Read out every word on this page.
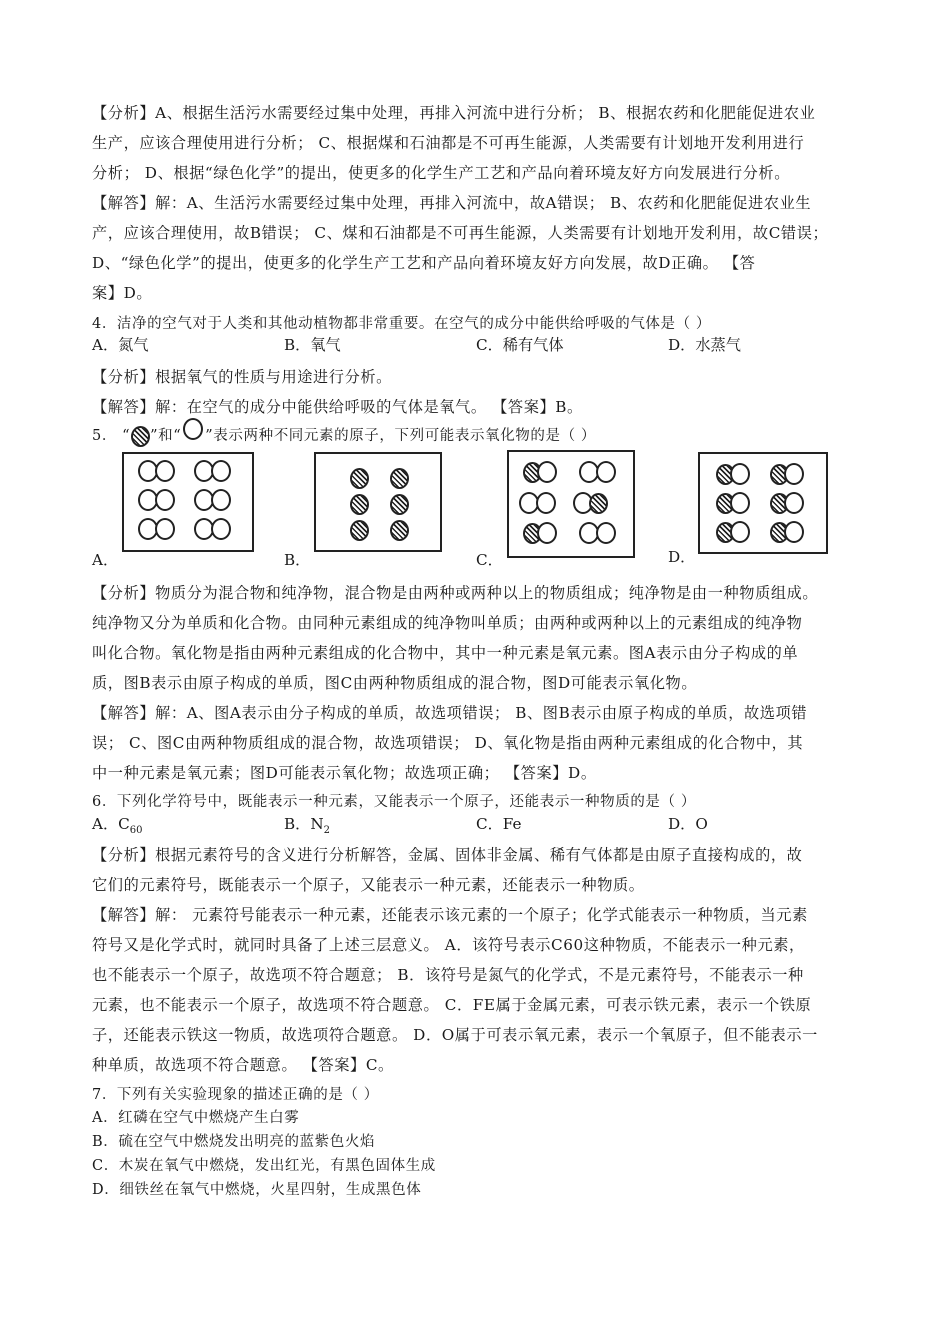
【分析】A、根据生活污水需要经过集中处理，再排入河流中进行分析； B、根据农药和化肥能促进农业
生产，应该合理使用进行分析； C、根据煤和石油都是不可再生能源，人类需要有计划地开发利用进行
分析； D、根据“绿色化学”的提出，使更多的化学生产工艺和产品向着环境友好方向发展进行分析。
【解答】解：A、生活污水需要经过集中处理，再排入河流中，故A错误； B、农药和化肥能促进农业生
产，应该合理使用，故B错误； C、煤和石油都是不可再生能源，人类需要有计划地开发利用，故C错误；
D、“绿色化学”的提出，使更多的化学生产工艺和产品向着环境友好方向发展，故D正确。 【答
案】D。
4．洁净的空气对于人类和其他动植物都非常重要。在空气的成分中能供给呼吸的气体是（ ）
A．氮气	B．氧气	C．稀有气体	D．水蒸气
【分析】根据氧气的性质与用途进行分析。
【解答】解：在空气的成分中能供给呼吸的气体是氧气。 【答案】B。
5． “ ”和“ ”表示两种不同元素的原子，下列可能表示氧化物的是（ ）
A．	B．	C．	D．
【分析】物质分为混合物和纯净物，混合物是由两种或两种以上的物质组成；纯净物是由一种物质组成。
纯净物又分为单质和化合物。由同种元素组成的纯净物叫单质；由两种或两种以上的元素组成的纯净物
叫化合物。氧化物是指由两种元素组成的化合物中，其中一种元素是氧元素。图A表示由分子构成的单
质，图B表示由原子构成的单质，图C由两种物质组成的混合物，图D可能表示氧化物。
【解答】解：A、图A表示由分子构成的单质，故选项错误； B、图B表示由原子构成的单质，故选项错
误； C、图C由两种物质组成的混合物，故选项错误； D、氧化物是指由两种元素组成的化合物中，其
中一种元素是氧元素；图D可能表示氧化物；故选项正确； 【答案】D。
6．下列化学符号中，既能表示一种元素，又能表示一个原子，还能表示一种物质的是（ ）
A．$C_{60}$	B．$N_2$	C．Fe	D．O
【分析】根据元素符号的含义进行分析解答，金属、固体非金属、稀有气体都是由原子直接构成的，故
它们的元素符号，既能表示一个原子，又能表示一种元素，还能表示一种物质。
【解答】解： 元素符号能表示一种元素，还能表示该元素的一个原子；化学式能表示一种物质，当元素
符号又是化学式时，就同时具备了上述三层意义。 A．该符号表示C60这种物质，不能表示一种元素，
也不能表示一个原子，故选项不符合题意； B．该符号是氮气的化学式，不是元素符号，不能表示一种
元素，也不能表示一个原子，故选项不符合题意。 C．FE属于金属元素，可表示铁元素，表示一个铁原
子，还能表示铁这一物质，故选项符合题意。 D．O属于可表示氧元素，表示一个氧原子，但不能表示一
种单质，故选项不符合题意。 【答案】C。
7．下列有关实验现象的描述正确的是（ ）
A．红磷在空气中燃烧产生白雾
B．硫在空气中燃烧发出明亮的蓝紫色火焰
C．木炭在氧气中燃烧，发出红光，有黑色固体生成
D．细铁丝在氧气中燃烧，火星四射，生成黑色体
